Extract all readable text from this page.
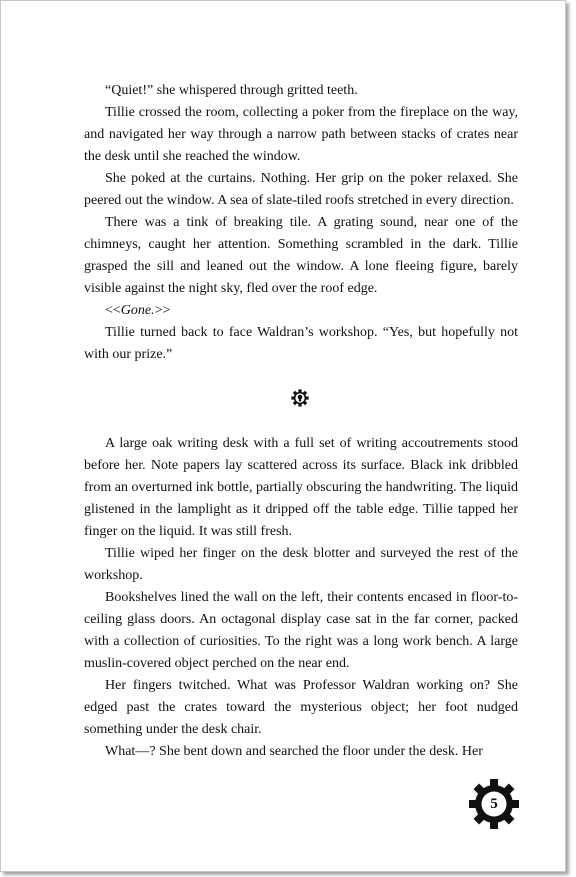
“Quiet!” she whispered through gritted teeth.

Tillie crossed the room, collecting a poker from the fireplace on the way, and navigated her way through a narrow path between stacks of crates near the desk until she reached the window.

She poked at the curtains. Nothing. Her grip on the poker relaxed. She peered out the window. A sea of slate-tiled roofs stretched in every direction.

There was a tink of breaking tile. A grating sound, near one of the chimneys, caught her attention. Something scrambled in the dark. Tillie grasped the sill and leaned out the window. A lone fleeing figure, barely visible against the night sky, fled over the roof edge.

<<Gone.>>

Tillie turned back to face Waldran’s workshop. “Yes, but hopefully not with our prize.”

A large oak writing desk with a full set of writing accoutrements stood before her. Note papers lay scattered across its surface. Black ink dribbled from an overturned ink bottle, partially obscuring the handwriting. The liquid glistened in the lamplight as it dripped off the table edge. Tillie tapped her finger on the liquid. It was still fresh.

Tillie wiped her finger on the desk blotter and surveyed the rest of the workshop.

Bookshelves lined the wall on the left, their contents encased in floor-to-ceiling glass doors. An octagonal display case sat in the far corner, packed with a collection of curiosities. To the right was a long work bench. A large muslin-covered object perched on the near end.

Her fingers twitched. What was Professor Waldran working on? She edged past the crates toward the mysterious object; her foot nudged something under the desk chair.

What—? She bent down and searched the floor under the desk. Her

5
